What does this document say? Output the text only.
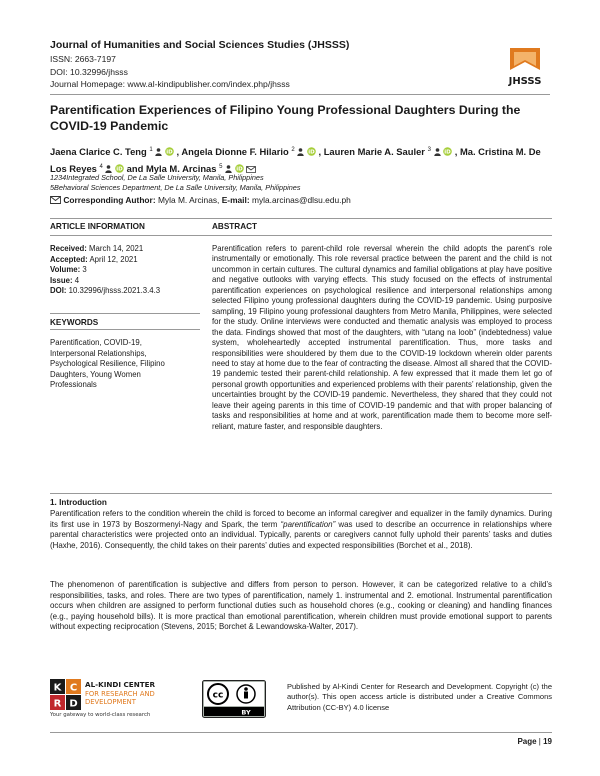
Journal of Humanities and Social Sciences Studies (JHSSS)
ISSN: 2663-7197
DOI: 10.32996/jhsss
Journal Homepage: www.al-kindipublisher.com/index.php/jhsss	JHSSS
Parentification Experiences of Filipino Young Professional Daughters During the COVID-19 Pandemic
Jaena Clarice C. Teng $^1$ iD , Angela Dionne F. Hilario $^2$ iD , Lauren Marie A. Sauler $^3$ iD , Ma. Cristina M. De Los Reyes $^4$ iD and Myla M. Arcinas $^5$ iD

1234Integrated School, De La Salle University, Manila, Philippines
5Behavioral Sciences Department, De La Salle University, Manila, Philippines
Corresponding Author: Myla M. Arcinas, E-mail: myla.arcinas@dlsu.edu.ph
ARTICLE INFORMATION	ABSTRACT
Received: March 14, 2021
Accepted: April 12, 2021
Volume: 3
Issue: 4
DOI: 10.32996/jhsss.2021.3.4.3
KEYWORDS
Parentification, COVID-19, Interpersonal Relationships, Psychological Resilience, Filipino Daughters, Young Women Professionals
Parentification refers to parent-child role reversal wherein the child adopts the parent’s role instrumentally or emotionally. This role reversal practice between the parent and the child is not uncommon in certain cultures. The cultural dynamics and familial obligations at play have positive and negative outlooks with varying effects. This study focused on the effects of instrumental parentification experiences on psychological resilience and interpersonal relationships among selected Filipino young professional daughters during the COVID-19 pandemic. Using purposive sampling, 19 Filipino young professional daughters from Metro Manila, Philippines, were selected for the study. Online interviews were conducted and thematic analysis was employed to process the data. Findings showed that most of the daughters, with “utang na loob” (indebtedness) value system, wholeheartedly accepted instrumental parentification. Thus, more tasks and responsibilities were shouldered by them due to the COVID-19 lockdown wherein older parents need to stay at home due to the fear of contracting the disease. Almost all shared that the COVID-19 pandemic tested their parent-child relationship. A few expressed that it made them let go of personal growth opportunities and experienced problems with their parents’ relationship, given the uncertainties brought by the COVID-19 pandemic. Nevertheless, they shared that they could not leave their ageing parents in this time of COVID-19 pandemic and that with proper balancing of tasks and responsibilities at home and at work, parentification made them to become more self-reliant, mature faster, and responsible daughters.
1. Introduction
Parentification refers to the condition wherein the child is forced to become an informal caregiver and equalizer in the family dynamics. During its first use in 1973 by Boszormenyi-Nagy and Spark, the term “parentification” was used to describe an occurrence in relationships where parental characteristics were projected onto an individual. Typically, parents or caregivers cannot fully uphold their parents’ tasks and duties (Haxhe, 2016). Consequently, the child takes on their parents’ duties and expected responsibilities (Borchet et al., 2018).
The phenomenon of parentification is subjective and differs from person to person. However, it can be categorized relative to a child’s responsibilities, tasks, and roles. There are two types of parentification, namely 1. instrumental and 2. emotional. Instrumental parentification occurs when children are assigned to perform functional duties such as household chores (e.g., cooking or cleaning) and handling finances (e.g., paying household bills). It is more practical than emotional parentification, wherein children must provide emotional support to parents without expecting reciprocation (Stevens, 2015; Borchet & Lewandowska-Walter, 2017).
K C
R D
AL-KINDI CENTER
FOR RESEARCH AND
DEVELOPMENT
Your gateway to world-class research
cc
BY
Published by Al-Kindi Center for Research and Development. Copyright (c) the author(s). This open access article is distributed under a Creative Commons Attribution (CC-BY) 4.0 license
Page | 19
